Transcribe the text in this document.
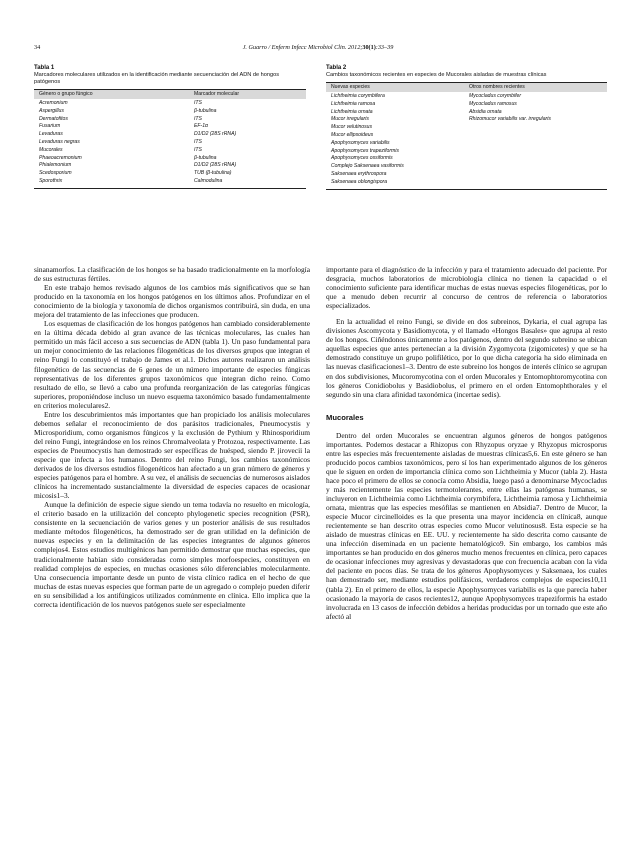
34	J. Guarro / Enferm Infecc Microbiol Clin. 2012;30(1):33–39
Tabla 1
Marcadores moleculares utilizados en la identificación mediante secuenciación del ADN de hongos patógenos
Género o grupo fúngico	Marcador molecular
Acremonium	ITS
Aspergillus	β-tubulina
Dermatofitos	ITS
Fusarium	EF-1α
Levaduras	D1/D2 (28S rRNA)
Levaduras negras	ITS
Mucorales	ITS
Phaeoacremonium	β-tubulina
Phialemonium	D1/D2 (28S rRNA)
Scedosporium	TUB (β-tubulina)
Sporothrix	Calmodulina
Tabla 2
Cambios taxonómicos recientes en especies de Mucorales aisladas de muestras clínicas
Nuevas especies	Otros nombres recientes
Lichtheimia corymbifera	Mycocladus corymbifer
Lichtheimia ramosa	Mycocladus ramosus
Lichtheimia ornata	Absidia ornata
Mucor irregularis	Rhizomucor variabilis var. irregularis
Mucor velutinosus
Mucor ellipsoideus
Apophysomyces variabilis
Apophysomyces trapeziformis
Apophysomyces ossiformis
Complejo Saksenaea vasiformis
Saksenaea erythrospora
Saksenaea oblongispora

sinanamorfos. La clasificación de los hongos se ha basado tradicionalmente en la morfología de sus estructuras fértiles.

En este trabajo hemos revisado algunos de los cambios más significativos que se han producido en la taxonomía en los hongos patógenos en los últimos años. Profundizar en el conocimiento de la biología y taxonomía de dichos organismos contribuirá, sin duda, en una mejora del tratamiento de las infecciones que producen.

Los esquemas de clasificación de los hongos patógenos han cambiado considerablemente en la última década debido al gran avance de las técnicas moleculares, las cuales han permitido un más fácil acceso a sus secuencias de ADN (tabla 1). Un paso fundamental para un mejor conocimiento de las relaciones filogenéticas de los diversos grupos que integran el reino Fungi lo constituyó el trabajo de James et al.1. Dichos autores realizaron un análisis filogenético de las secuencias de 6 genes de un número importante de especies fúngicas representativas de los diferentes grupos taxonómicos que integran dicho reino. Como resultado de ello, se llevó a cabo una profunda reorganización de las categorías fúngicas superiores, proponiéndose incluso un nuevo esquema taxonómico basado fundamentalmente en criterios moleculares2.

Entre los descubrimientos más importantes que han propiciado los análisis moleculares debemos señalar el reconocimiento de dos parásitos tradicionales, Pneumocystis y Microsporidium, como organismos fúngicos y la exclusión de Pythium y Rhinosporidium del reino Fungi, integrándose en los reinos Chromalveolata y Protozoa, respectivamente. Las especies de Pneumocystis han demostrado ser específicas de huésped, siendo P. jirovecii la especie que infecta a los humanos. Dentro del reino Fungi, los cambios taxonómicos derivados de los diversos estudios filogenéticos han afectado a un gran número de géneros y especies patógenos para el hombre. A su vez, el análisis de secuencias de numerosos aislados clínicos ha incrementado sustancialmente la diversidad de especies capaces de ocasionar micosis1–3.

Aunque la definición de especie sigue siendo un tema todavía no resuelto en micología, el criterio basado en la utilización del concepto phylogenetic species recognition (PSR), consistente en la secuenciación de varios genes y un posterior análisis de sus resultados mediante métodos filogenéticos, ha demostrado ser de gran utilidad en la definición de nuevas especies y en la delimitación de las especies integrantes de algunos géneros complejos4. Estos estudios multigénicos han permitido demostrar que muchas especies, que tradicionalmente habían sido consideradas como simples morfoespecies, constituyen en realidad complejos de especies, en muchas ocasiones sólo diferenciables molecularmente. Una consecuencia importante desde un punto de vista clínico radica en el hecho de que muchas de estas nuevas especies que forman parte de un agregado o complejo pueden diferir en su sensibilidad a los antifúngicos utilizados comúnmente en clínica. Ello implica que la correcta identificación de los nuevos patógenos suele ser especialmente

importante para el diagnóstico de la infección y para el tratamiento adecuado del paciente. Por desgracia, muchos laboratorios de microbiología clínica no tienen la capacidad o el conocimiento suficiente para identificar muchas de estas nuevas especies filogenéticas, por lo que a menudo deben recurrir al concurso de centros de referencia o laboratorios especializados.

En la actualidad el reino Fungi, se divide en dos subreinos, Dykaria, el cual agrupa las divisiones Ascomycota y Basidiomycota, y el llamado «Hongos Basales» que agrupa al resto de los hongos. Ciñéndonos únicamente a los patógenos, dentro del segundo subreino se ubican aquellas especies que antes pertenecían a la división Zygomycota (zigomicetes) y que se ha demostrado constituye un grupo polifilético, por lo que dicha categoría ha sido eliminada en las nuevas clasificaciones1–3. Dentro de este subreino los hongos de interés clínico se agrupan en dos subdivisiones, Mucoromycotina con el orden Mucorales y Entomophtoromycotina con los géneros Conidiobolus y Basidiobolus, el primero en el orden Entomophthorales y el segundo sin una clara afinidad taxonómica (incertae sedis).

Mucorales

Dentro del orden Mucorales se encuentran algunos géneros de hongos patógenos importantes. Podemos destacar a Rhizopus con Rhyzopus oryzae y Rhyzopus microsporus entre las especies más frecuentemente aisladas de muestras clínicas5,6. En este género se han producido pocos cambios taxonómicos, pero sí los han experimentado algunos de los géneros que le siguen en orden de importancia clínica como son Lichtheimia y Mucor (tabla 2). Hasta hace poco el primero de ellos se conocía como Absidia, luego pasó a denominarse Mycocladus y más recientemente las especies termotolerantes, entre ellas las patógenas humanas, se incluyeron en Lichtheimia como Lichtheimia corymbifera, Lichtheimia ramosa y Lichtheimia ornata, mientras que las especies mesófilas se mantienen en Absidia7. Dentro de Mucor, la especie Mucor circinelloides es la que presenta una mayor incidencia en clínica8, aunque recientemente se han descrito otras especies como Mucor velutinosus8. Esta especie se ha aislado de muestras clínicas en EE. UU. y recientemente ha sido descrita como causante de una infección diseminada en un paciente hematológico9. Sin embargo, los cambios más importantes se han producido en dos géneros mucho menos frecuentes en clínica, pero capaces de ocasionar infecciones muy agresivas y devastadoras que con frecuencia acaban con la vida del paciente en pocos días. Se trata de los géneros Apophysomyces y Saksenaea, los cuales han demostrado ser, mediante estudios polifásicos, verdaderos complejos de especies10,11 (tabla 2). En el primero de ellos, la especie Apophysomyces variabilis es la que parecía haber ocasionado la mayoría de casos recientes12, aunque Apophysomyces trapeziformis ha estado involucrada en 13 casos de infección debidos a heridas producidas por un tornado que este año afectó al
